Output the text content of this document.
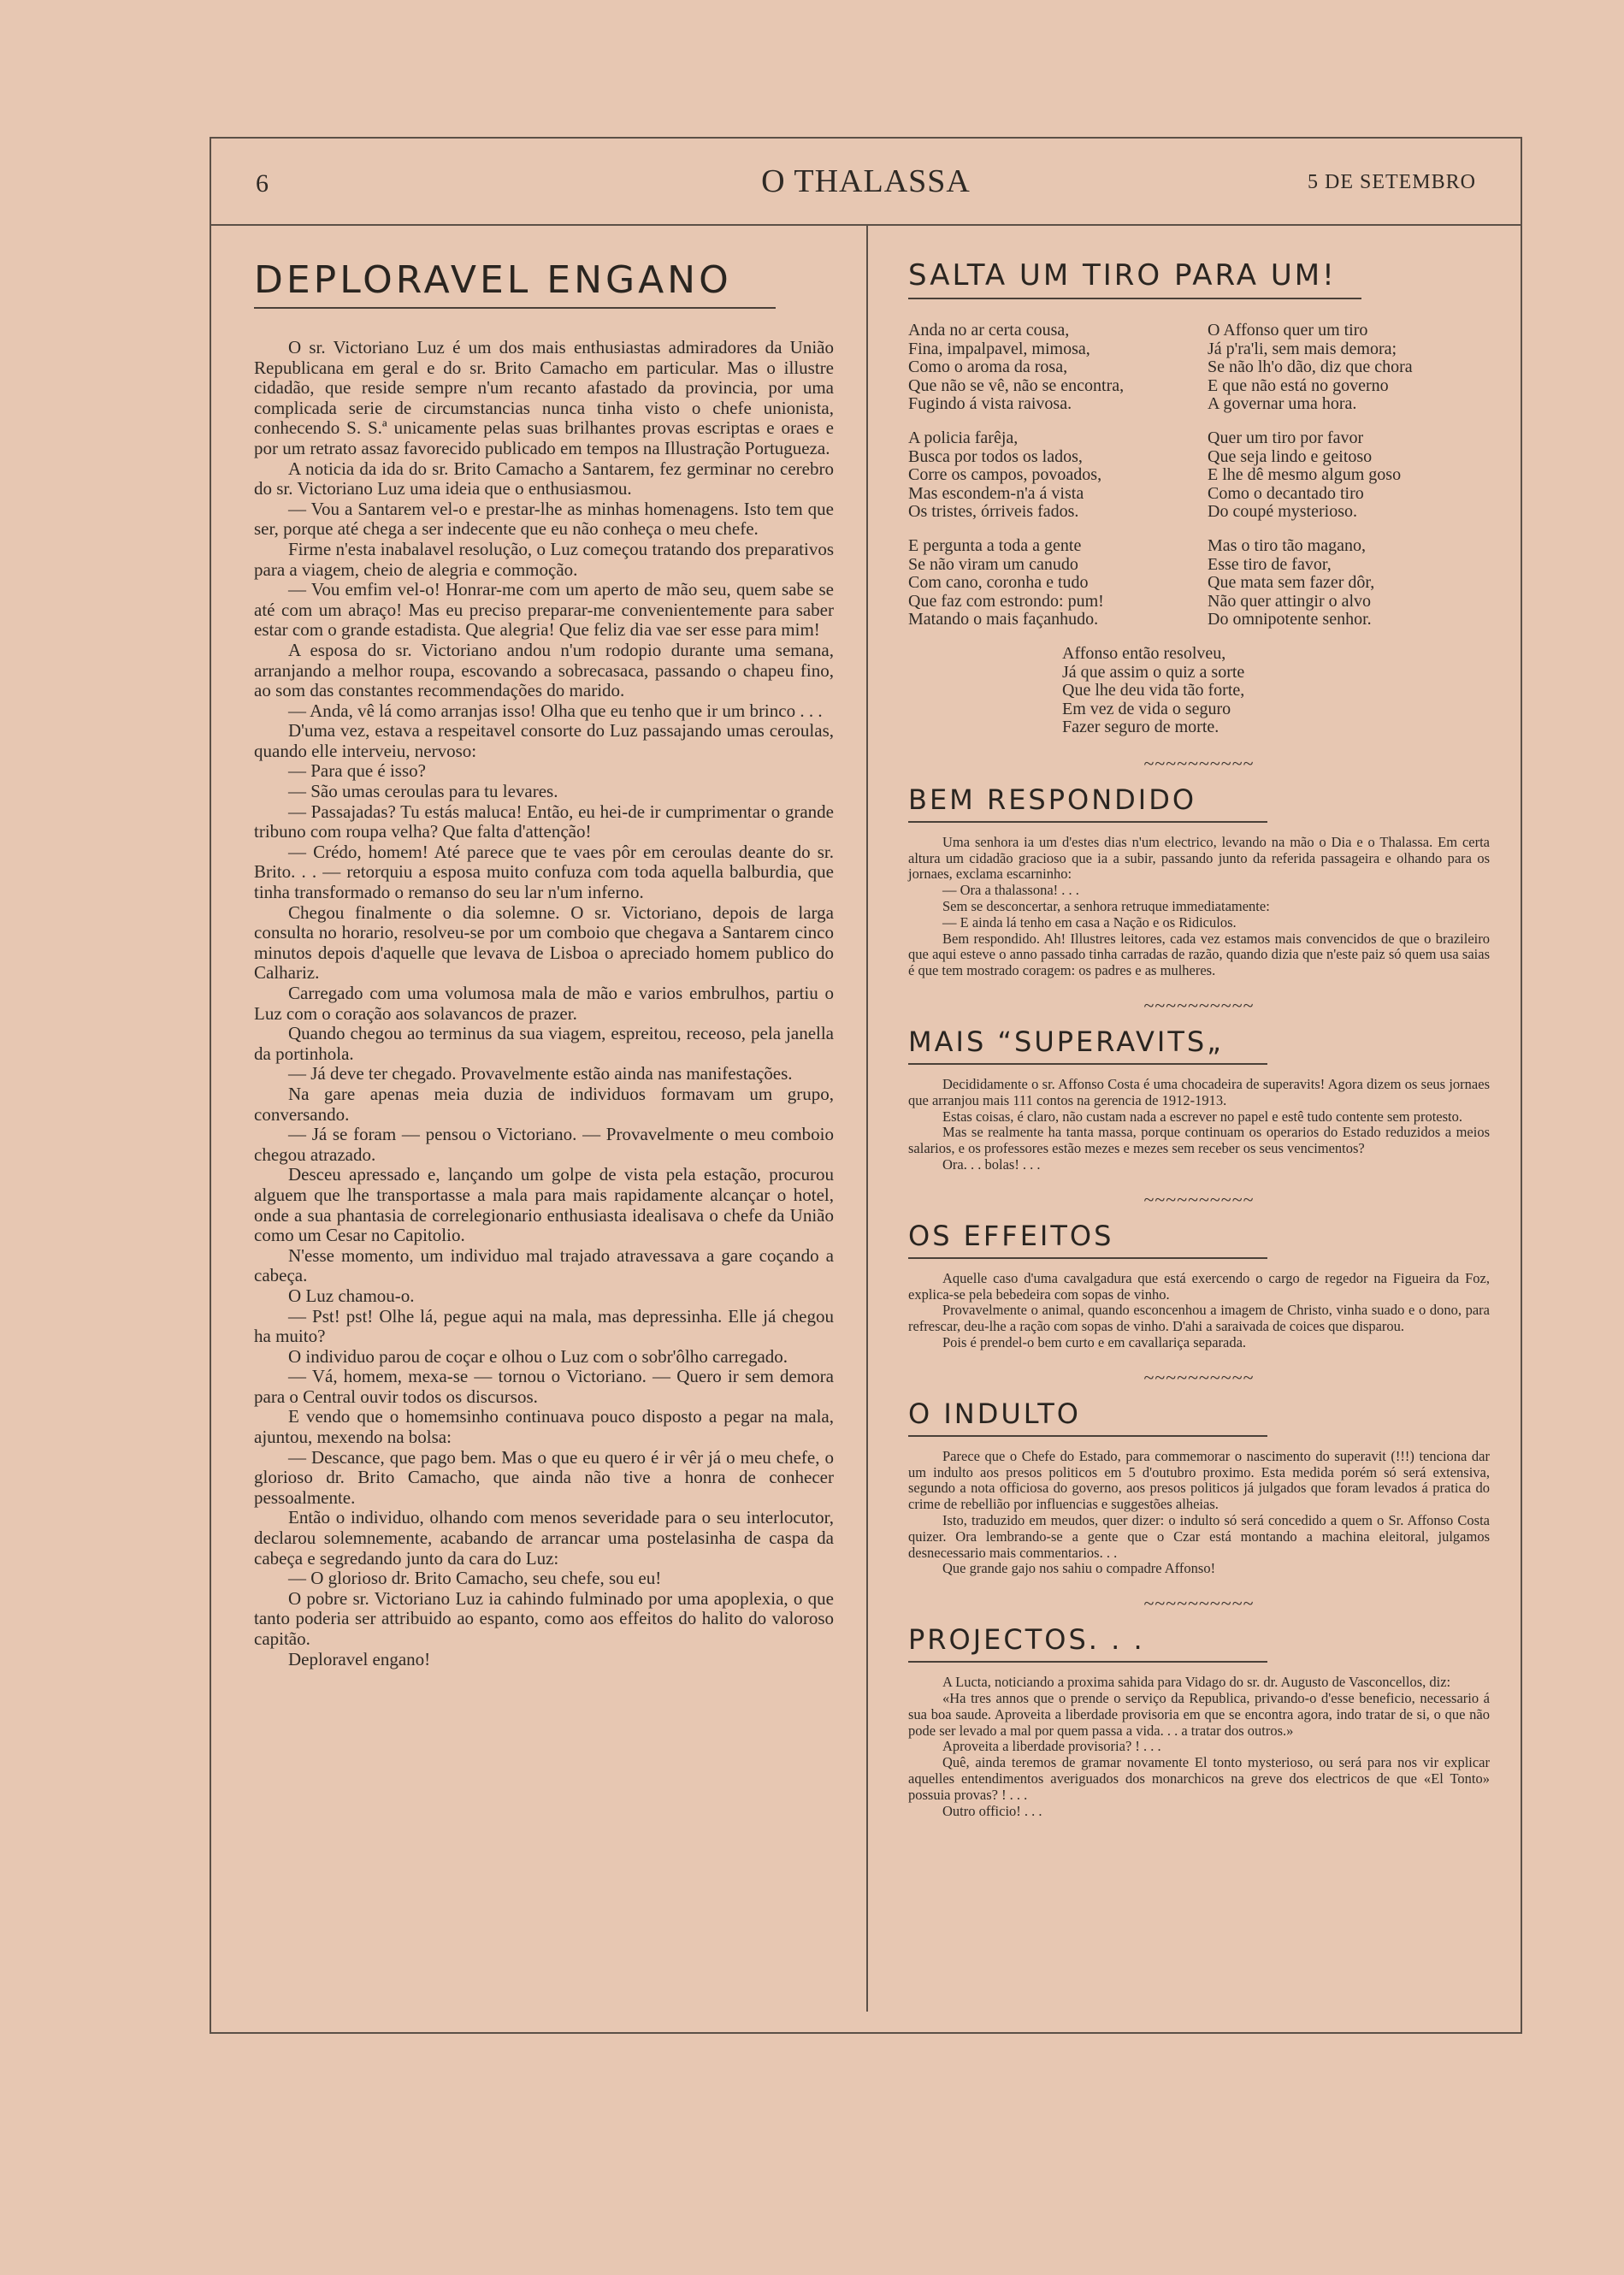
6	O THALASSA	5 DE SETEMBRO
DEPLORAVEL ENGANO

O sr. Victoriano Luz é um dos mais enthusiastas admiradores da União Republicana em geral e do sr. Brito Camacho em particular. Mas o illustre cidadão, que reside sempre n'um recanto afastado da provincia, por uma complicada serie de circumstancias nunca tinha visto o chefe unionista, conhecendo S. S.ª unicamente pelas suas brilhantes provas escriptas e oraes e por um retrato assaz favorecido publicado em tempos na Illustração Portugueza.

A noticia da ida do sr. Brito Camacho a Santarem, fez germinar no cerebro do sr. Victoriano Luz uma ideia que o enthusiasmou.

— Vou a Santarem vel-o e prestar-lhe as minhas homenagens. Isto tem que ser, porque até chega a ser indecente que eu não conheça o meu chefe.

Firme n'esta inabalavel resolução, o Luz começou tratando dos preparativos para a viagem, cheio de alegria e commoção.

— Vou emfim vel-o! Honrar-me com um aperto de mão seu, quem sabe se até com um abraço! Mas eu preciso preparar-me convenientemente para saber estar com o grande estadista. Que alegria! Que feliz dia vae ser esse para mim!

A esposa do sr. Victoriano andou n'um rodopio durante uma semana, arranjando a melhor roupa, escovando a sobrecasaca, passando o chapeu fino, ao som das constantes recommendações do marido.

— Anda, vê lá como arranjas isso! Olha que eu tenho que ir um brinco . . .

D'uma vez, estava a respeitavel consorte do Luz passajando umas ceroulas, quando elle interveiu, nervoso:

— Para que é isso?

— São umas ceroulas para tu levares.

— Passajadas? Tu estás maluca! Então, eu hei-de ir cumprimentar o grande tribuno com roupa velha? Que falta d'attenção!

— Crédo, homem! Até parece que te vaes pôr em ceroulas deante do sr. Brito. . . — retorquiu a esposa muito confuza com toda aquella balburdia, que tinha transformado o remanso do seu lar n'um inferno.

Chegou finalmente o dia solemne. O sr. Victoriano, depois de larga consulta no horario, resolveu-se por um comboio que chegava a Santarem cinco minutos depois d'aquelle que levava de Lisboa o apreciado homem publico do Calhariz.

Carregado com uma volumosa mala de mão e varios embrulhos, partiu o Luz com o coração aos solavancos de prazer.

Quando chegou ao terminus da sua viagem, espreitou, receoso, pela janella da portinhola.

— Já deve ter chegado. Provavelmente estão ainda nas manifestações.

Na gare apenas meia duzia de individuos formavam um grupo, conversando.

— Já se foram — pensou o Victoriano. — Provavelmente o meu comboio chegou atrazado.

Desceu apressado e, lançando um golpe de vista pela estação, procurou alguem que lhe transportasse a mala para mais rapidamente alcançar o hotel, onde a sua phantasia de correlegionario enthusiasta idealisava o chefe da União como um Cesar no Capitolio.

N'esse momento, um individuo mal trajado atravessava a gare coçando a cabeça.

O Luz chamou-o.

— Pst! pst! Olhe lá, pegue aqui na mala, mas depressinha. Elle já chegou ha muito?

O individuo parou de coçar e olhou o Luz com o sobr'ôlho carregado.

— Vá, homem, mexa-se — tornou o Victoriano. — Quero ir sem demora para o Central ouvir todos os discursos.

E vendo que o homemsinho continuava pouco disposto a pegar na mala, ajuntou, mexendo na bolsa:

— Descance, que pago bem. Mas o que eu quero é ir vêr já o meu chefe, o glorioso dr. Brito Camacho, que ainda não tive a honra de conhecer pessoalmente.

Então o individuo, olhando com menos severidade para o seu interlocutor, declarou solemnemente, acabando de arrancar uma postelasinha de caspa da cabeça e segredando junto da cara do Luz:

— O glorioso dr. Brito Camacho, seu chefe, sou eu!

O pobre sr. Victoriano Luz ia cahindo fulminado por uma apoplexia, o que tanto poderia ser attribuido ao espanto, como aos effeitos do halito do valoroso capitão.

Deploravel engano!

SALTA UM TIRO PARA UM!
Anda no ar certa cousa,
Fina, impalpavel, mimosa,
Como o aroma da rosa,
Que não se vê, não se encontra,
Fugindo á vista raivosa.
A policia farêja,
Busca por todos os lados,
Corre os campos, povoados,
Mas escondem-n'a á vista
Os tristes, órriveis fados.
E pergunta a toda a gente
Se não viram um canudo
Com cano, coronha e tudo
Que faz com estrondo: pum!
Matando o mais façanhudo.
O Affonso quer um tiro
Já p'ra'li, sem mais demora;
Se não lh'o dão, diz que chora
E que não está no governo
A governar uma hora.
Quer um tiro por favor
Que seja lindo e geitoso
E lhe dê mesmo algum goso
Como o decantado tiro
Do coupé mysterioso.
Mas o tiro tão magano,
Esse tiro de favor,
Que mata sem fazer dôr,
Não quer attingir o alvo
Do omnipotente senhor.
Affonso então resolveu,
Já que assim o quiz a sorte
Que lhe deu vida tão forte,
Em vez de vida o seguro
Fazer seguro de morte.
~~~~~~~~~~
BEM RESPONDIDO

Uma senhora ia um d'estes dias n'um electrico, levando na mão o Dia e o Thalassa. Em certa altura um cidadão gracioso que ia a subir, passando junto da referida passageira e olhando para os jornaes, exclama escarninho:

— Ora a thalassona! . . .

Sem se desconcertar, a senhora retruque immediatamente:

— E ainda lá tenho em casa a Nação e os Ridiculos.

Bem respondido. Ah! Illustres leitores, cada vez estamos mais convencidos de que o brazileiro que aqui esteve o anno passado tinha carradas de razão, quando dizia que n'este paiz só quem usa saias é que tem mostrado coragem: os padres e as mulheres.

~~~~~~~~~~
MAIS “SUPERAVITS„

Decididamente o sr. Affonso Costa é uma chocadeira de superavits! Agora dizem os seus jornaes que arranjou mais 111 contos na gerencia de 1912-1913.

Estas coisas, é claro, não custam nada a escrever no papel e estê tudo contente sem protesto.

Mas se realmente ha tanta massa, porque continuam os operarios do Estado reduzidos a meios salarios, e os professores estão mezes e mezes sem receber os seus vencimentos?

Ora. . . bolas! . . .

~~~~~~~~~~
OS EFFEITOS

Aquelle caso d'uma cavalgadura que está exercendo o cargo de regedor na Figueira da Foz, explica-se pela bebedeira com sopas de vinho.

Provavelmente o animal, quando esconcenhou a imagem de Christo, vinha suado e o dono, para refrescar, deu-lhe a ração com sopas de vinho. D'ahi a saraivada de coices que disparou.

Pois é prendel-o bem curto e em cavallariça separada.

~~~~~~~~~~
O INDULTO

Parece que o Chefe do Estado, para commemorar o nascimento do superavit (!!!) tenciona dar um indulto aos presos politicos em 5 d'outubro proximo. Esta medida porém só será extensiva, segundo a nota officiosa do governo, aos presos politicos já julgados que foram levados á pratica do crime de rebellião por influencias e suggestões alheias.

Isto, traduzido em meudos, quer dizer: o indulto só será concedido a quem o Sr. Affonso Costa quizer. Ora lembrando-se a gente que o Czar está montando a machina eleitoral, julgamos desnecessario mais commentarios. . .

Que grande gajo nos sahiu o compadre Affonso!

~~~~~~~~~~
PROJECTOS. . .

A Lucta, noticiando a proxima sahida para Vidago do sr. dr. Augusto de Vasconcellos, diz:

«Ha tres annos que o prende o serviço da Republica, privando-o d'esse beneficio, necessario á sua boa saude. Aproveita a liberdade provisoria em que se encontra agora, indo tratar de si, o que não pode ser levado a mal por quem passa a vida. . . a tratar dos outros.»

Aproveita a liberdade provisoria? ! . . .

Quê, ainda teremos de gramar novamente El tonto mysterioso, ou será para nos vir explicar aquelles entendimentos averiguados dos monarchicos na greve dos electricos de que «El Tonto» possuia provas? ! . . .

Outro officio! . . .
